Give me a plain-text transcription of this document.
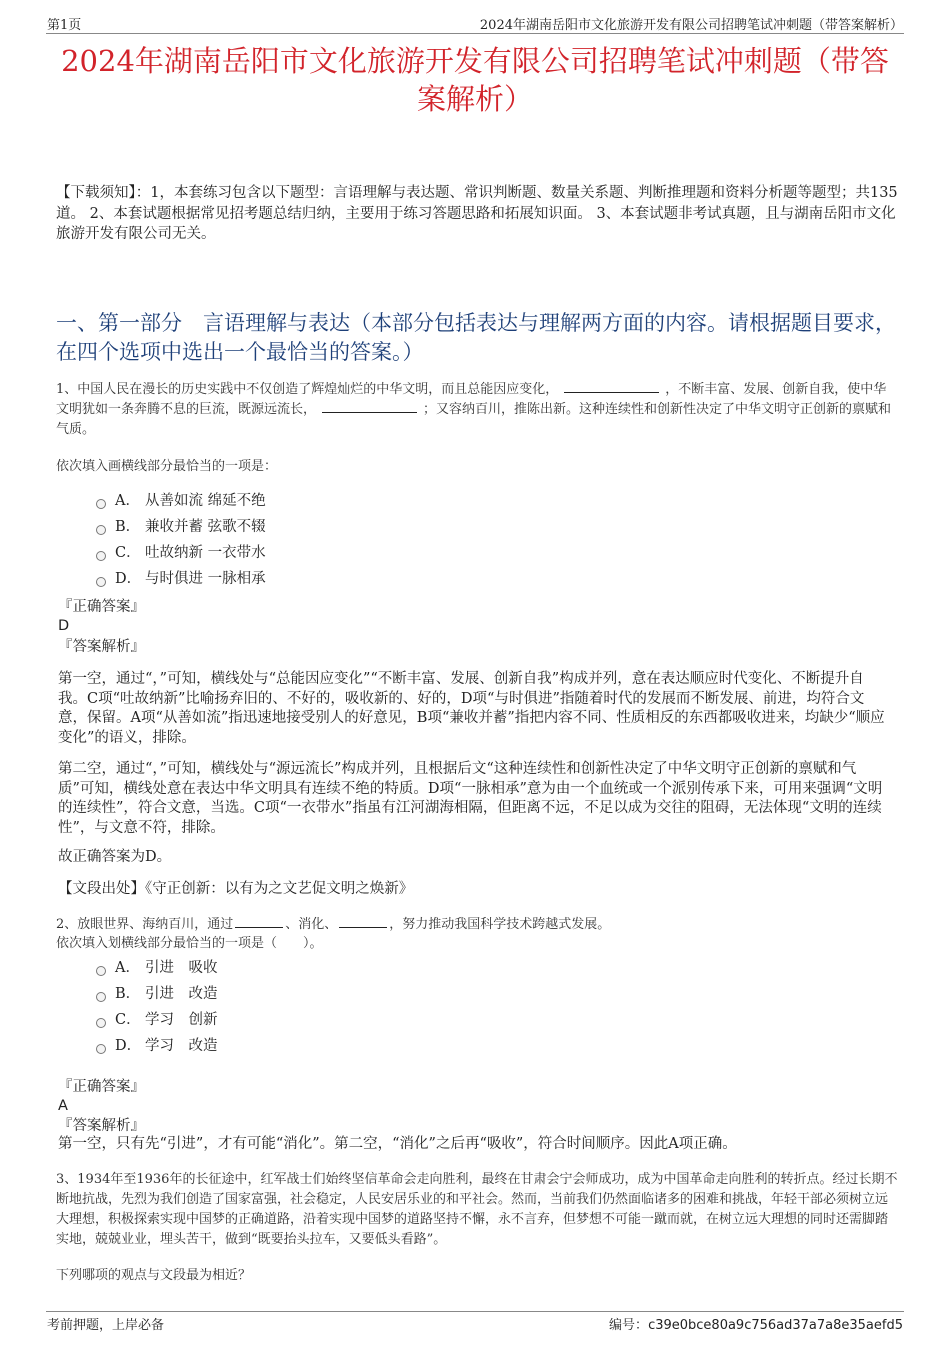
第1页	2024年湖南岳阳市文化旅游开发有限公司招聘笔试冲刺题（带答案解析）
2024年湖南岳阳市文化旅游开发有限公司招聘笔试冲刺题（带答案解析）
【下载须知】：1，本套练习包含以下题型：言语理解与表达题、常识判断题、数量关系题、判断推理题和资料分析题等题型；共135道。 2、本套试题根据常见招考题总结归纳，主要用于练习答题思路和拓展知识面。 3、本套试题非考试真题，且与湖南岳阳市文化旅游开发有限公司无关。
一、第一部分　言语理解与表达（本部分包括表达与理解两方面的内容。请根据题目要求，在四个选项中选出一个最恰当的答案。）
1、中国人民在漫长的历史实践中不仅创造了辉煌灿烂的中华文明，而且总能因应变化，	，不断丰富、发展、创新自我，使中华文明犹如一条奔腾不息的巨流，既源远流长，	；又容纳百川，推陈出新。这种连续性和创新性决定了中华文明守正创新的禀赋和气质。
依次填入画横线部分最恰当的一项是：
A． 从善如流 绵延不绝
B． 兼收并蓄 弦歌不辍
C． 吐故纳新 一衣带水
D． 与时俱进 一脉相承
『正确答案』
D
『答案解析』
第一空，通过“，”可知，横线处与“总能因应变化”“不断丰富、发展、创新自我”构成并列，意在表达顺应时代变化、不断提升自我。C项“吐故纳新”比喻扬弃旧的、不好的，吸收新的、好的，D项“与时俱进”指随着时代的发展而不断发展、前进，均符合文意，保留。A项“从善如流”指迅速地接受别人的好意见，B项“兼收并蓄”指把内容不同、性质相反的东西都吸收进来，均缺少“顺应变化”的语义，排除。
第二空，通过“，”可知，横线处与“源远流长”构成并列，且根据后文“这种连续性和创新性决定了中华文明守正创新的禀赋和气质”可知，横线处意在表达中华文明具有连续不绝的特质。D项“一脉相承”意为由一个血统或一个派别传承下来，可用来强调“文明的连续性”，符合文意，当选。C项“一衣带水”指虽有江河湖海相隔，但距离不远，不足以成为交往的阻碍，无法体现“文明的连续性”，与文意不符，排除。
故正确答案为D。
【文段出处】《守正创新：以有为之文艺促文明之焕新》
2、放眼世界、海纳百川，通过	、消化、	，努力推动我国科学技术跨越式发展。
依次填入划横线部分最恰当的一项是（　　）。
A． 引进　吸收
B． 引进　改造
C． 学习　创新
D． 学习　改造
『正确答案』
A
『答案解析』
第一空，只有先“引进”，才有可能“消化”。第二空，“消化”之后再“吸收”，符合时间顺序。因此A项正确。
3、1934年至1936年的长征途中，红军战士们始终坚信革命会走向胜利，最终在甘肃会宁会师成功，成为中国革命走向胜利的转折点。经过长期不断地抗战，先烈为我们创造了国家富强，社会稳定，人民安居乐业的和平社会。然而，当前我们仍然面临诸多的困难和挑战，年轻干部必须树立远大理想，积极探索实现中国梦的正确道路，沿着实现中国梦的道路坚持不懈，永不言弃，但梦想不可能一蹴而就，在树立远大理想的同时还需脚踏实地，兢兢业业，埋头苦干，做到“既要抬头拉车，又要低头看路”。
下列哪项的观点与文段最为相近？
考前押题，上岸必备	编号：c39e0bce80a9c756ad37a7a8e35aefd5
